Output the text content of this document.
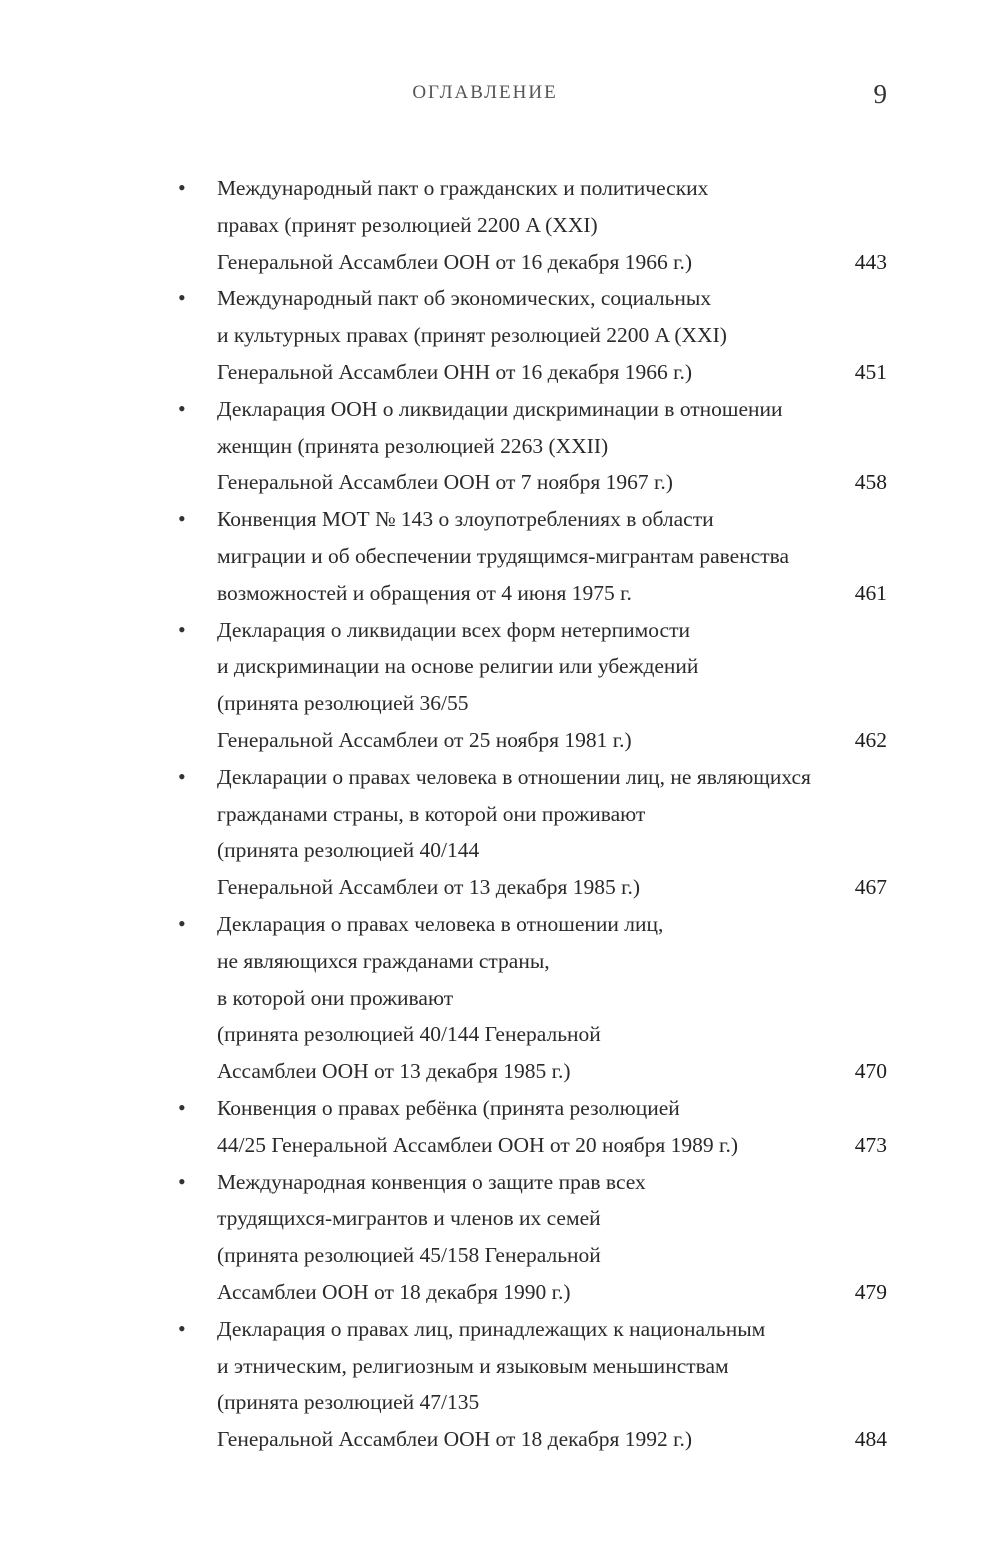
ОГЛАВЛЕНИЕ	9
• Международный пакт о гражданских и политических
правах (принят резолюцией 2200 A (XXI)
Генеральной Ассамблеи ООН от 16 декабря 1966 г.)	443
• Международный пакт об экономических, социальных
и культурных правах (принят резолюцией 2200 A (XXI)
Генеральной Ассамблеи ОНН от 16 декабря 1966 г.)	451
• Декларация ООН о ликвидации дискриминации в отношении
женщин (принята резолюцией 2263 (XXII)
Генеральной Ассамблеи ООН от 7 ноября 1967 г.)	458
• Конвенция МОТ № 143 о злоупотреблениях в области
миграции и об обеспечении трудящимся-мигрантам равенства
возможностей и обращения от 4 июня 1975 г.	461
• Декларация о ликвидации всех форм нетерпимости
и дискриминации на основе религии или убеждений
(принята резолюцией 36/55
Генеральной Ассамблеи от 25 ноября 1981 г.)	462
• Декларации о правах человека в отношении лиц, не являющихся
гражданами страны, в которой они проживают
(принята резолюцией 40/144
Генеральной Ассамблеи от 13 декабря 1985 г.)	467
• Декларация о правах человека в отношении лиц,
не являющихся гражданами страны,
в которой они проживают
(принята резолюцией 40/144 Генеральной
Ассамблеи ООН от 13 декабря 1985 г.)	470
• Конвенция о правах ребёнка (принята резолюцией
44/25 Генеральной Ассамблеи ООН от 20 ноября 1989 г.)	473
• Международная конвенция о защите прав всех
трудящихся-мигрантов и членов их семей
(принята резолюцией 45/158 Генеральной
Ассамблеи ООН от 18 декабря 1990 г.)	479
• Декларация о правах лиц, принадлежащих к национальным
и этническим, религиозным и языковым меньшинствам
(принята резолюцией 47/135
Генеральной Ассамблеи ООН от 18 декабря 1992 г.)	484
